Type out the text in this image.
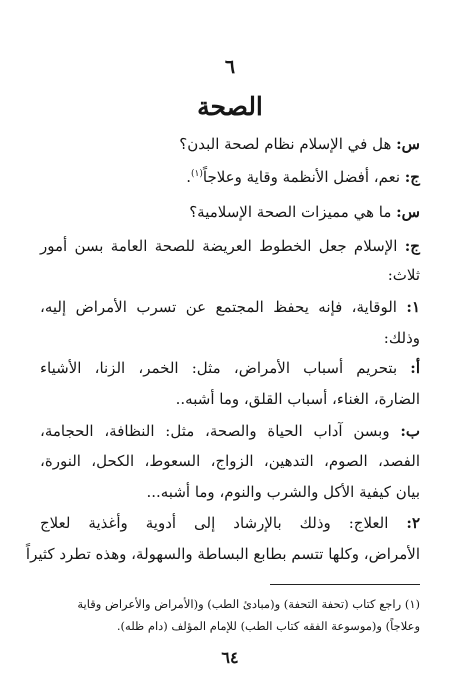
٦

الصحة

س: هل في الإسلام نظام لصحة البدن؟

ج: نعم، أفضل الأنظمة وقاية وعلاجاً$^{(١)}$.

س: ما هي مميزات الصحة الإسلامية؟

ج: الإسلام جعل الخطوط العريضة للصحة العامة بسن أمور

ثلاث:

١: الوقاية، فإنه يحفظ المجتمع عن تسرب الأمراض إليه،

وذلك:

أ: بتحريم أسباب الأمراض، مثل: الخمر، الزنا، الأشياء

الضارة، الغناء، أسباب القلق، وما أشبه..

ب: وبسن آداب الحياة والصحة، مثل: النظافة، الحجامة،

الفصد، الصوم، التدهين، الزواج، السعوط، الكحل، النورة،

بيان كيفية الأكل والشرب والنوم، وما أشبه...

٢: العلاج: وذلك بالإرشاد إلى أدوية وأغذية لعلاج

الأمراض، وكلها تتسم بطابع البساطة والسهولة، وهذه تطرد كثيراً

(١) راجع كتاب (تحفة التحفة) و(مبادئ الطب) و(الأمراض والأعراض وقاية

وعلاجاً) و(موسوعة الفقه كتاب الطب) للإمام المؤلف (دام ظله).

٦٤
